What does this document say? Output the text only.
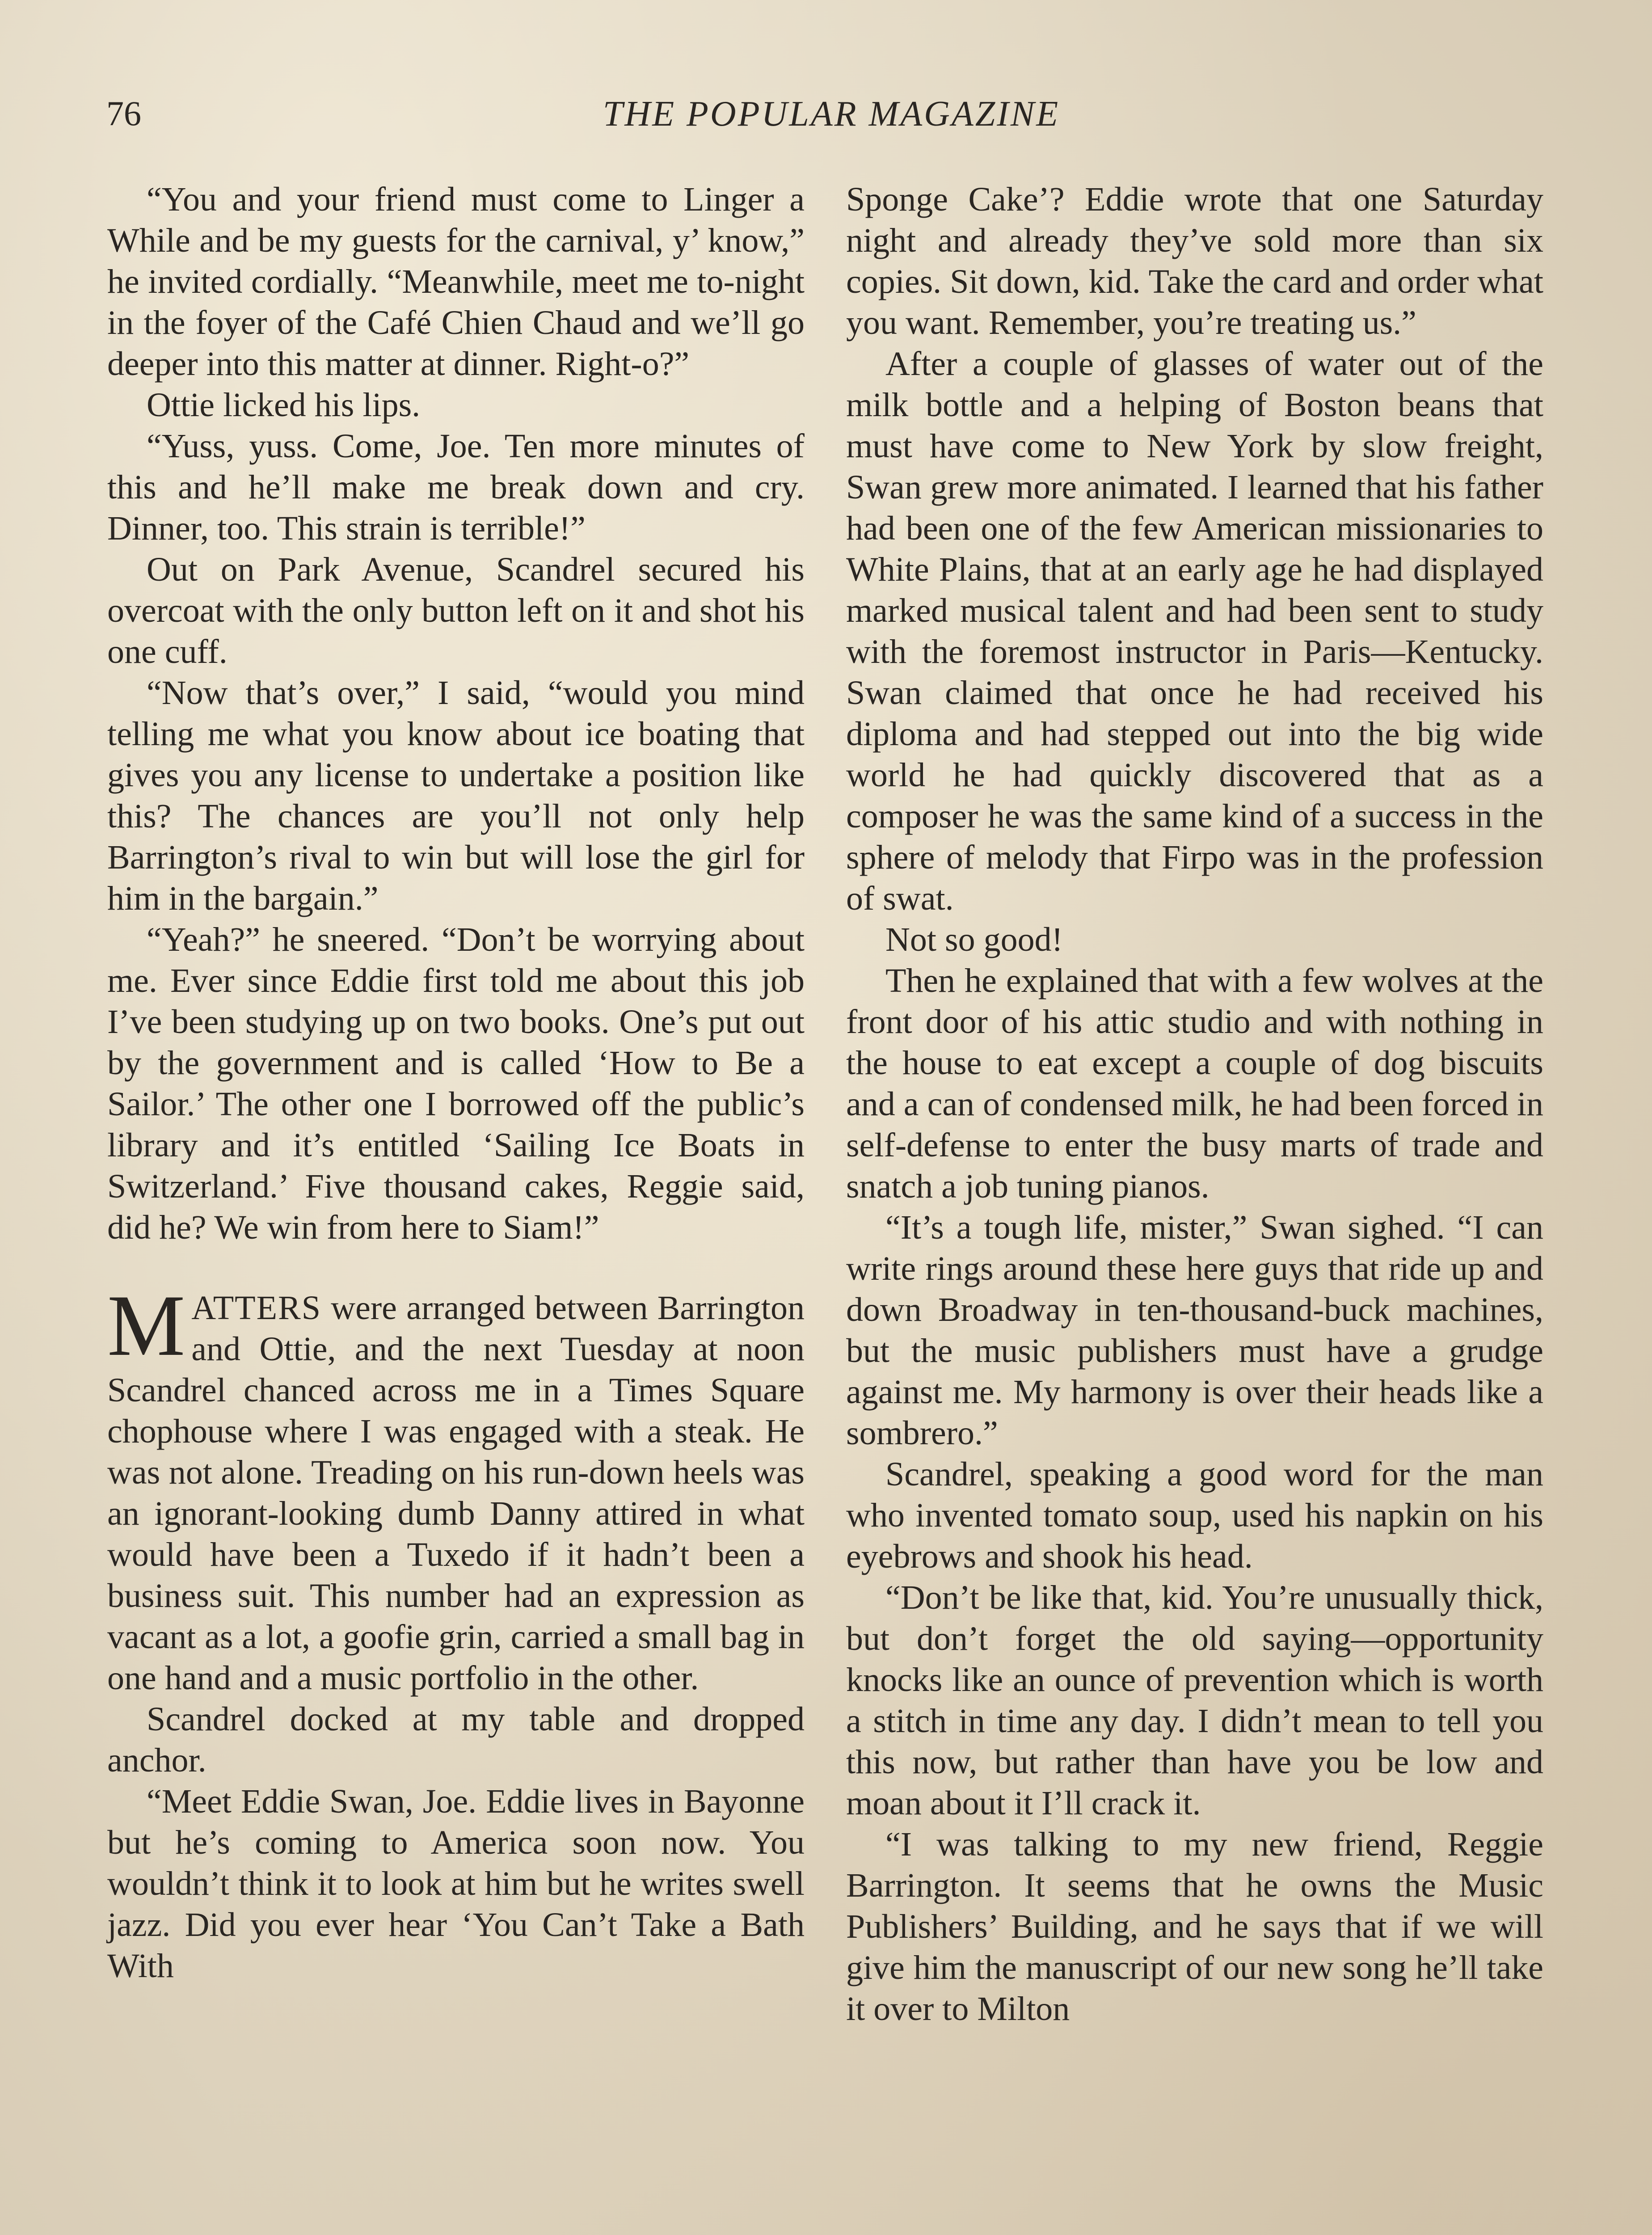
76	THE POPULAR MAGAZINE

“You and your friend must come to Linger a While and be my guests for the carnival, y’ know,” he invited cordially. “Meanwhile, meet me to-night in the foyer of the Café Chien Chaud and we’ll go deeper into this matter at dinner. Right-o?”

Ottie licked his lips.

“Yuss, yuss. Come, Joe. Ten more minutes of this and he’ll make me break down and cry. Dinner, too. This strain is terrible!”

Out on Park Avenue, Scandrel secured his overcoat with the only button left on it and shot his one cuff.

“Now that’s over,” I said, “would you mind telling me what you know about ice boating that gives you any license to undertake a position like this? The chances are you’ll not only help Barrington’s rival to win but will lose the girl for him in the bargain.”

“Yeah?” he sneered. “Don’t be worrying about me. Ever since Eddie first told me about this job I’ve been studying up on two books. One’s put out by the government and is called ‘How to Be a Sailor.’ The other one I borrowed off the public’s library and it’s entitled ‘Sailing Ice Boats in Switzerland.’ Five thousand cakes, Reggie said, did he? We win from here to Siam!”

MATTERS were arranged between Barrington and Ottie, and the next Tuesday at noon Scandrel chanced across me in a Times Square chophouse where I was engaged with a steak. He was not alone. Treading on his run-down heels was an ignorant-looking dumb Danny attired in what would have been a Tuxedo if it hadn’t been a business suit. This number had an expression as vacant as a lot, a goofie grin, carried a small bag in one hand and a music portfolio in the other.

Scandrel docked at my table and dropped anchor.

“Meet Eddie Swan, Joe. Eddie lives in Bayonne but he’s coming to America soon now. You wouldn’t think it to look at him but he writes swell jazz. Did you ever hear ‘You Can’t Take a Bath With

Sponge Cake’? Eddie wrote that one Saturday night and already they’ve sold more than six copies. Sit down, kid. Take the card and order what you want. Remember, you’re treating us.”

After a couple of glasses of water out of the milk bottle and a helping of Boston beans that must have come to New York by slow freight, Swan grew more animated. I learned that his father had been one of the few American missionaries to White Plains, that at an early age he had displayed marked musical talent and had been sent to study with the foremost instructor in Paris—Kentucky. Swan claimed that once he had received his diploma and had stepped out into the big wide world he had quickly discovered that as a composer he was the same kind of a success in the sphere of melody that Firpo was in the profession of swat.

Not so good!

Then he explained that with a few wolves at the front door of his attic studio and with nothing in the house to eat except a couple of dog biscuits and a can of condensed milk, he had been forced in self-defense to enter the busy marts of trade and snatch a job tuning pianos.

“It’s a tough life, mister,” Swan sighed. “I can write rings around these here guys that ride up and down Broadway in ten-thousand-buck machines, but the music publishers must have a grudge against me. My harmony is over their heads like a sombrero.”

Scandrel, speaking a good word for the man who invented tomato soup, used his napkin on his eyebrows and shook his head.

“Don’t be like that, kid. You’re unusually thick, but don’t forget the old saying—opportunity knocks like an ounce of prevention which is worth a stitch in time any day. I didn’t mean to tell you this now, but rather than have you be low and moan about it I’ll crack it.

“I was talking to my new friend, Reggie Barrington. It seems that he owns the Music Publishers’ Building, and he says that if we will give him the manuscript of our new song he’ll take it over to Milton
